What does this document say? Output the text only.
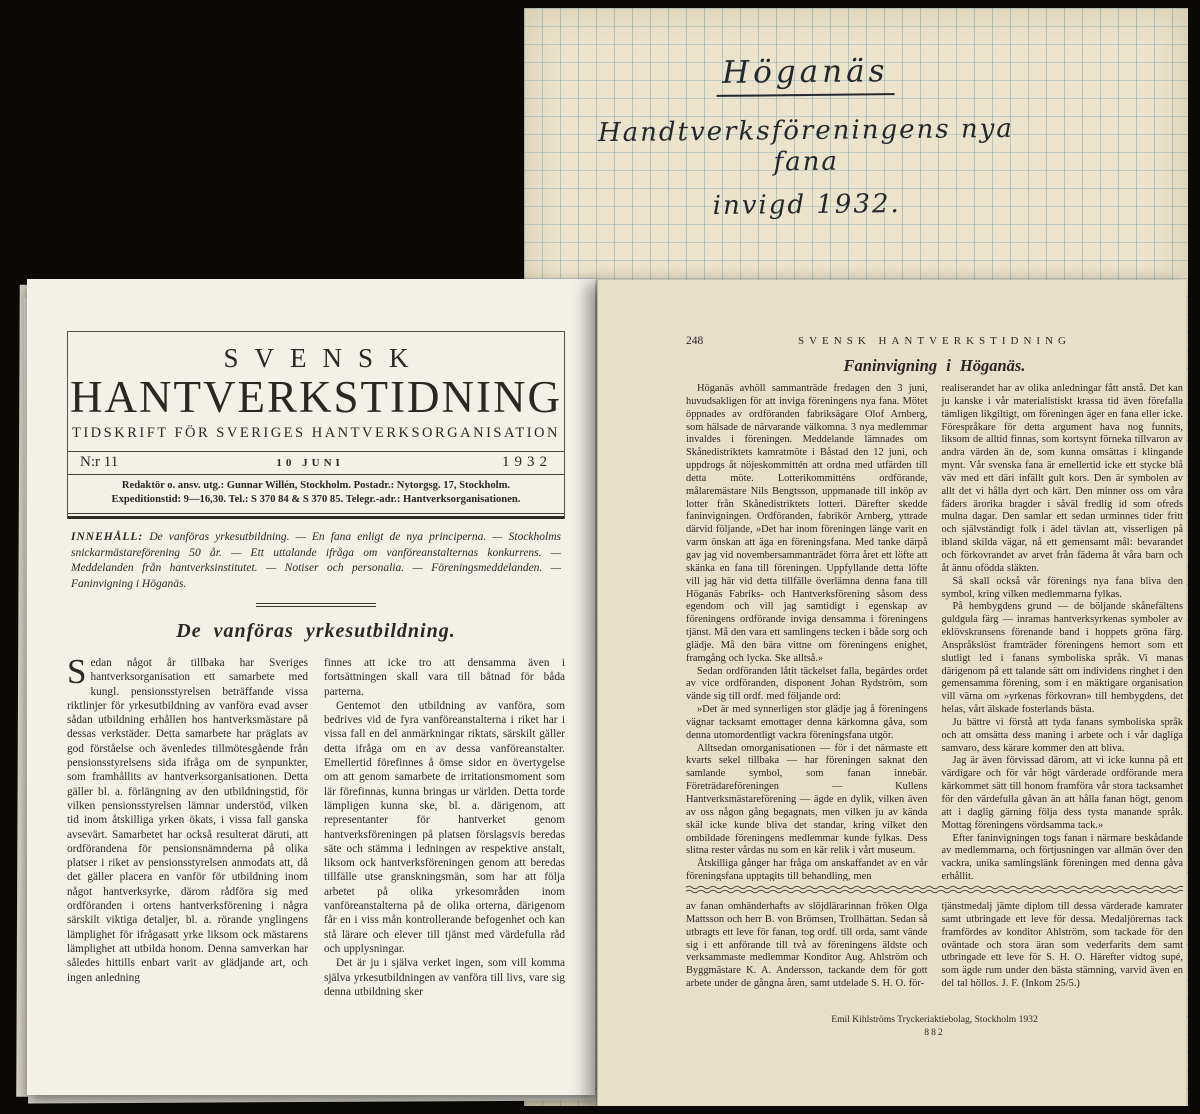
Höganäs
Handtverksföreningens nya fana
invigd 1932.
SVENSK
HANTVERKSTIDNING
TIDSKRIFT FÖR SVERIGES HANTVERKSORGANISATION
N:r 11	10 JUNI	1932
Redaktör o. ansv. utg.: Gunnar Willén, Stockholm. Postadr.: Nytorgsg. 17, Stockholm.
Expeditionstid: 9—16,30. Tel.: S 370 84 & S 370 85. Telegr.-adr.: Hantverksorganisationen.
INNEHÅLL: De vanföras yrkesutbildning. — En fana enligt de nya principerna. — Stockholms snickarmästareförening 50 år. — Ett uttalande ifråga om vanföreanstalternas konkurrens. — Meddelanden från hantverksinstitutet. — Notiser och personalia. — Föreningsmeddelanden. — Faninvigning i Höganäs.
De vanföras yrkesutbildning.

Sedan något år tillbaka har Sveriges hantverksorganisation ett samarbete med kungl. pensionsstyrelsen beträffande vissa riktlinjer för yrkesutbildning av vanföra evad avser sådan utbildning erhållen hos hantverksmästare på dessas verkstäder. Detta samarbete har präglats av god förståelse och ävenledes tillmötesgående från pensionsstyrelsens sida ifråga om de synpunkter, som framhållits av hantverksorganisationen. Detta gäller bl. a. förlängning av den utbildningstid, för vilken pensionsstyrelsen lämnar understöd, vilken tid inom åtskilliga yrken ökats, i vissa fall ganska avsevärt. Samarbetet har också resulterat däruti, att ordförandena för pensionsnämnderna på olika platser i riket av pensionsstyrelsen anmodats att, då det gäller placera en vanför för utbildning inom något hantverksyrke, därom rådföra sig med ordföranden i ortens hantverksförening i några särskilt viktiga detaljer, bl. a. rörande ynglingens lämplighet för ifrågasatt yrke liksom ock mästarens lämplighet att utbilda honom. Denna samverkan har således hittills enbart varit av glädjande art, och ingen anledning

finnes att icke tro att densamma även i fortsättningen skall vara till båtnad för båda parterna.

Gentemot den utbildning av vanföra, som bedrives vid de fyra vanföreanstalterna i riket har i vissa fall en del anmärkningar riktats, särskilt gäller detta ifråga om en av dessa vanföreanstalter. Emellertid förefinnes å ömse sidor en övertygelse om att genom samarbete de irritationsmoment som lär förefinnas, kunna bringas ur världen. Detta torde lämpligen kunna ske, bl. a. därigenom, att representanter för hantverket genom hantverksföreningen på platsen förslagsvis beredas säte och stämma i ledningen av respektive anstalt, liksom ock hantverksföreningen genom att beredas tillfälle utse granskningsmän, som har att följa arbetet på olika yrkesområden inom vanföreanstalterna på de olika orterna, därigenom får en i viss mån kontrollerande befogenhet och kan stå lärare och elever till tjänst med värdefulla råd och upplysningar.

Det är ju i själva verket ingen, som vill komma själva yrkesutbildningen av vanföra till livs, vare sig denna utbildning sker

248	SVENSK HANTVERKSTIDNING
Faninvigning i Höganäs.

Höganäs avhöll sammanträde fredagen den 3 juni, huvudsakligen för att inviga föreningens nya fana. Mötet öppnades av ordföranden fabriksägare Olof Arnberg, som hälsade de närvarande välkomna. 3 nya medlemmar invaldes i föreningen. Meddelande lämnades om Skånedistriktets kamratmöte i Båstad den 12 juni, och uppdrogs åt nöjeskommittén att ordna med utfärden till detta möte. Lotterikommitténs ordförande, målaremästare Nils Bengtsson, uppmanade till inköp av lotter från Skånedistriktets lotteri. Därefter skedde faninvigningen. Ordföranden, fabrikör Arnberg, yttrade därvid följande, »Det har inom föreningen länge varit en varm önskan att äga en föreningsfana. Med tanke därpå gav jag vid novembersammanträdet förra året ett löfte att skänka en fana till föreningen. Uppfyllande detta löfte vill jag här vid detta tillfälle överlämna denna fana till Höganäs Fabriks- och Hantverksförening såsom dess egendom och vill jag samtidigt i egenskap av föreningens ordförande inviga densamma i föreningens tjänst. Må den vara ett samlingens tecken i både sorg och glädje. Må den bära vittne om föreningens enighet, framgång och lycka. Ske alltså.»

Sedan ordföranden låtit täckelset falla, begärdes ordet av vice ordföranden, disponent Johan Rydström, som vände sig till ordf. med följande ord:

»Det är med synnerligen stor glädje jag å föreningens vägnar tacksamt emottager denna kärkomna gåva, som denna utomordentligt vackra föreningsfana utgör.

Alltsedan omorganisationen — för i det närmaste ett kvarts sekel tillbaka — har föreningen saknat den samlande symbol, som fanan innebär. Företrädareföreningen — Kullens Hantverksmästareförening — ägde en dylik, vilken även av oss någon gång begagnats, men vilken ju av kända skäl icke kunde bliva det standar, kring vilket den ombildade föreningens medlemmar kunde fylkas. Dess slitna rester vårdas nu som en kär relik i vårt museum.

Åtskilliga gånger har fråga om anskaffandet av en vår föreningsfana upptagits till behandling, men

realiserandet har av olika anledningar fått anstå. Det kan ju kanske i vår materialistiskt krassa tid även förefalla tämligen likgiltigt, om föreningen äger en fana eller icke. Förespråkare för detta argument hava nog funnits, liksom de alltid finnas, som kortsynt förneka tillvaron av andra värden än de, som kunna omsättas i klingande mynt. Vår svenska fana är emellertid icke ett stycke blå väv med ett däri infällt gult kors. Den är symbolen av allt det vi hålla dyrt och kärt. Den minner oss om våra fäders ärorika bragder i såväl fredlig id som ofreds mulna dagar. Den samlar ett sedan urminnes tider fritt och självständigt folk i ädel tävlan att, visserligen på ibland skilda vägar, nå ett gemensamt mål: bevarandet och förkovrandet av arvet från fäderna åt våra barn och åt ännu ofödda släkten.

Så skall också vår förenings nya fana bliva den symbol, kring vilken medlemmarna fylkas.

På hembygdens grund — de böljande skånefältens guldgula färg — inramas hantverksyrkenas symboler av eklövskransens förenande band i hoppets gröna färg. Anspråkslöst framträder föreningens hemort som ett slutligt led i fanans symboliska språk. Vi manas därigenom på ett talande sätt om individens ringhet i den gemensamma förening, som i en mäktigare organisation vill värna om »yrkenas förkovran» till hembygdens, det helas, vårt älskade fosterlands bästa.

Ju bättre vi förstå att tyda fanans symboliska språk och att omsätta dess maning i arbete och i vår dagliga samvaro, dess kärare kommer den att bliva.

Jag är även förvissad därom, att vi icke kunna på ett värdigare och för vår högt värderade ordförande mera kärkommet sätt till honom framföra vår stora tacksamhet för den värdefulla gåvan än att hålla fanan högt, genom att i daglig gärning följa dess tysta manande språk. Mottag föreningens vördsamma tack.»

Efter faninvigningen togs fanan i närmare beskådande av medlemmarna, och förtjusningen var allmän över den vackra, unika samlingslänk föreningen med denna gåva erhållit.

av fanan omhänderhafts av slöjdlärarinnan fröken Olga Mattsson och herr B. von Brömsen, Trollhättan. Sedan så utbragts ett leve för fanan, tog ordf. till orda, samt vände sig i ett anförande till två av föreningens äldste och verksammaste medlemmar Konditor Aug. Ahlström och Byggmästare K. A. Andersson, tackande dem för gott arbete under de gångna åren, samt utdelade S. H. O. för-

tjänstmedalj jämte diplom till dessa värderade kamrater samt utbringade ett leve för dessa. Medaljörernas tack framfördes av konditor Ahlström, som tackade för den oväntade och stora äran som vederfarits dem samt utbringade ett leve för S. H. O. Härefter vidtog supé, som ägde rum under den bästa stämning, varvid även en del tal höllos. J. F. (Inkom 25/5.)

Emil Kihlströms Tryckeriaktiebolag, Stockholm 1932
882
